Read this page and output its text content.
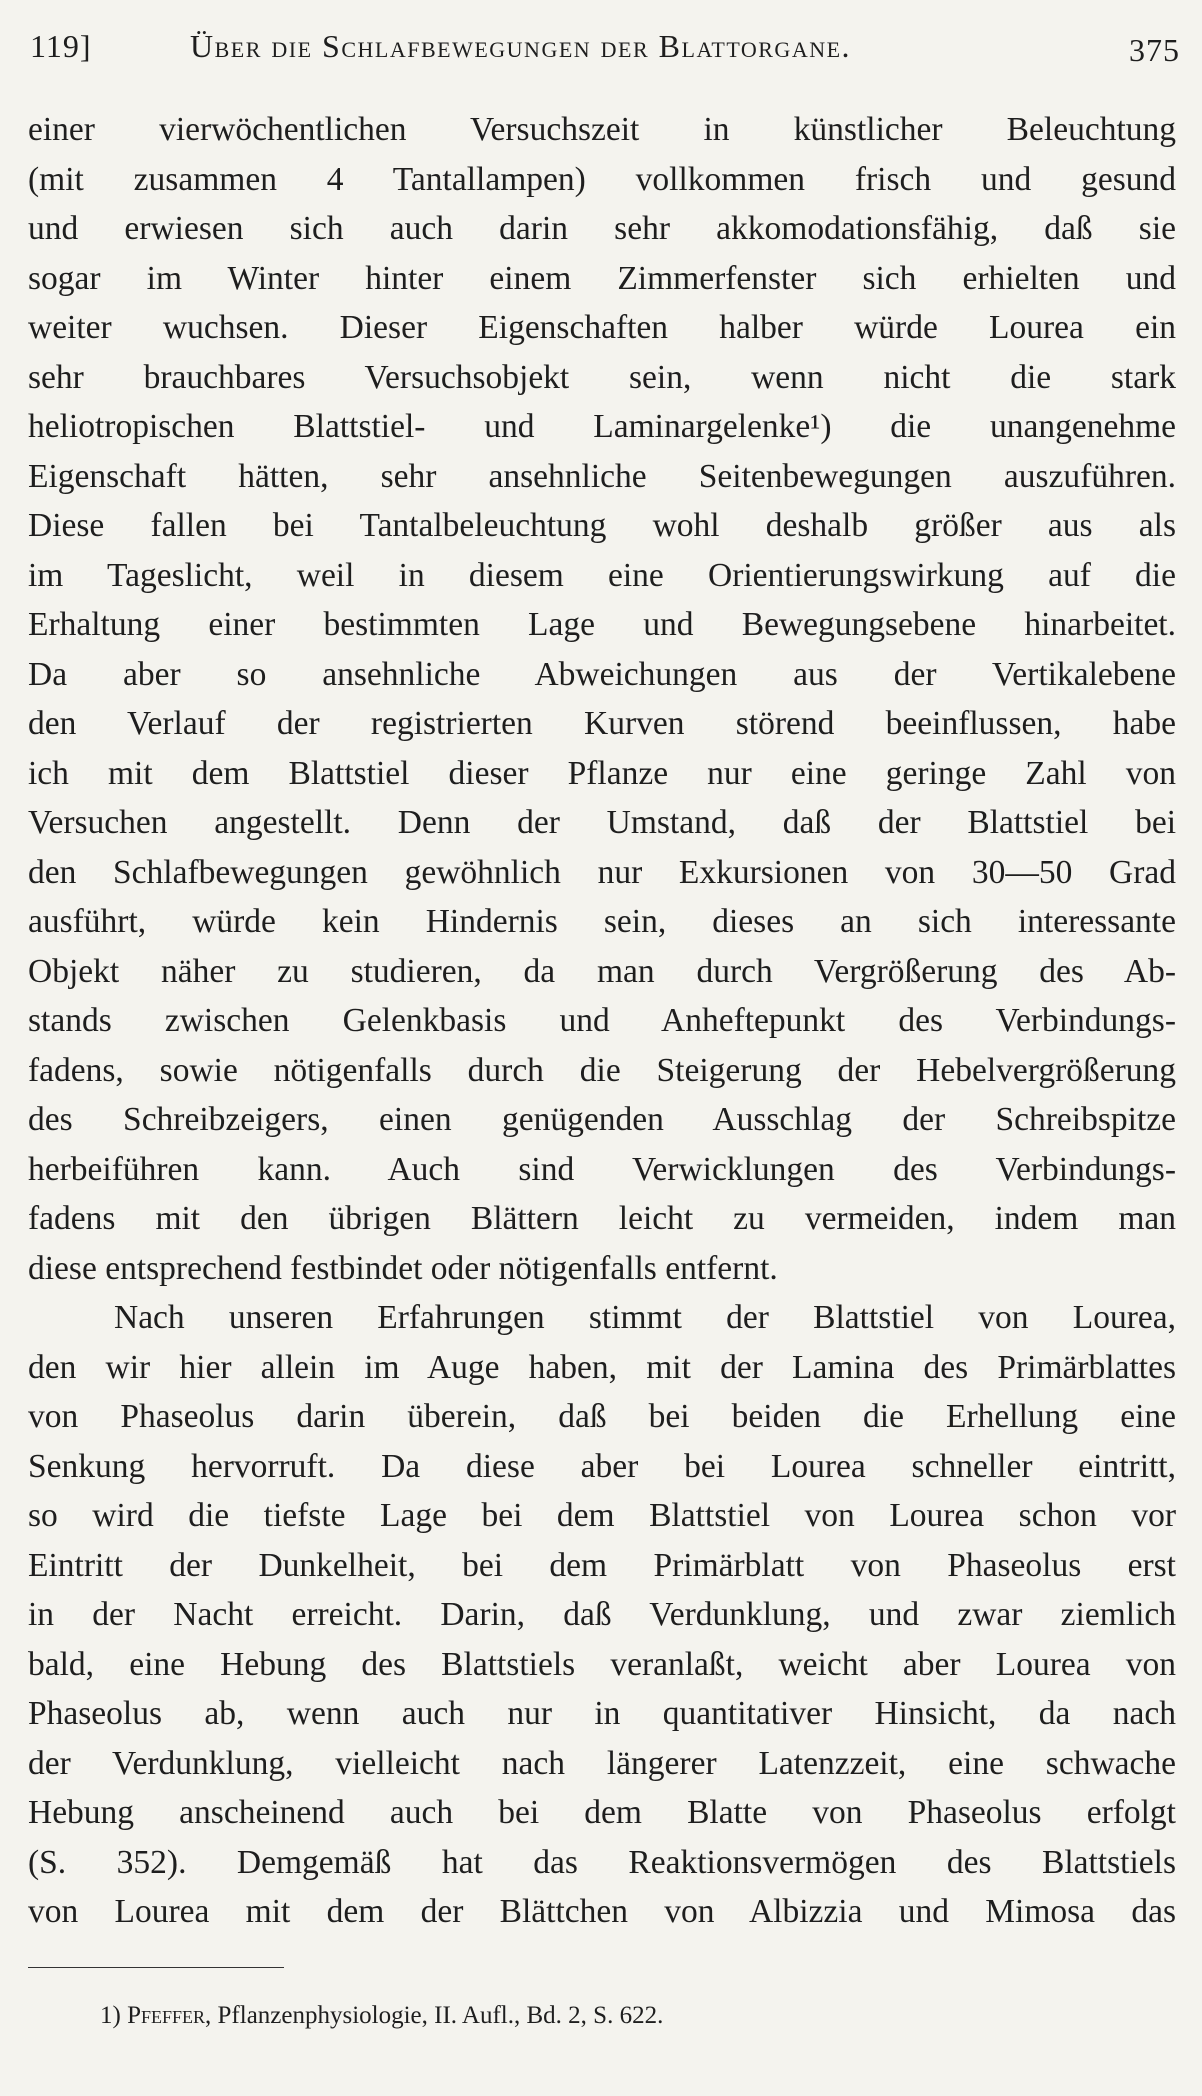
119]	Über die Schlafbewegungen der Blattorgane.	375
einer vierwöchentlichen Versuchszeit in künstlicher Beleuchtung
(mit zusammen 4 Tantallampen) vollkommen frisch und gesund
und erwiesen sich auch darin sehr akkomodationsfähig, daß sie
sogar im Winter hinter einem Zimmerfenster sich erhielten und
weiter wuchsen. Dieser Eigenschaften halber würde Lourea ein
sehr brauchbares Versuchsobjekt sein, wenn nicht die stark
heliotropischen Blattstiel- und Laminargelenke¹) die unangenehme
Eigenschaft hätten, sehr ansehnliche Seitenbewegungen auszuführen.
Diese fallen bei Tantalbeleuchtung wohl deshalb größer aus als
im Tageslicht, weil in diesem eine Orientierungswirkung auf die
Erhaltung einer bestimmten Lage und Bewegungsebene hinarbeitet.
Da aber so ansehnliche Abweichungen aus der Vertikalebene
den Verlauf der registrierten Kurven störend beeinflussen, habe
ich mit dem Blattstiel dieser Pflanze nur eine geringe Zahl von
Versuchen angestellt. Denn der Umstand, daß der Blattstiel bei
den Schlafbewegungen gewöhnlich nur Exkursionen von 30—50 Grad
ausführt, würde kein Hindernis sein, dieses an sich interessante
Objekt näher zu studieren, da man durch Vergrößerung des Ab-
stands zwischen Gelenkbasis und Anheftepunkt des Verbindungs-
fadens, sowie nötigenfalls durch die Steigerung der Hebelvergrößerung
des Schreibzeigers, einen genügenden Ausschlag der Schreibspitze
herbeiführen kann. Auch sind Verwicklungen des Verbindungs-
fadens mit den übrigen Blättern leicht zu vermeiden, indem man
diese entsprechend festbindet oder nötigenfalls entfernt.
Nach unseren Erfahrungen stimmt der Blattstiel von Lourea,
den wir hier allein im Auge haben, mit der Lamina des Primärblattes
von Phaseolus darin überein, daß bei beiden die Erhellung eine
Senkung hervorruft. Da diese aber bei Lourea schneller eintritt,
so wird die tiefste Lage bei dem Blattstiel von Lourea schon vor
Eintritt der Dunkelheit, bei dem Primärblatt von Phaseolus erst
in der Nacht erreicht. Darin, daß Verdunklung, und zwar ziemlich
bald, eine Hebung des Blattstiels veranlaßt, weicht aber Lourea von
Phaseolus ab, wenn auch nur in quantitativer Hinsicht, da nach
der Verdunklung, vielleicht nach längerer Latenzzeit, eine schwache
Hebung anscheinend auch bei dem Blatte von Phaseolus erfolgt
(S. 352). Demgemäß hat das Reaktionsvermögen des Blattstiels
von Lourea mit dem der Blättchen von Albizzia und Mimosa das
1) Pfeffer, Pflanzenphysiologie, II. Aufl., Bd. 2, S. 622.
